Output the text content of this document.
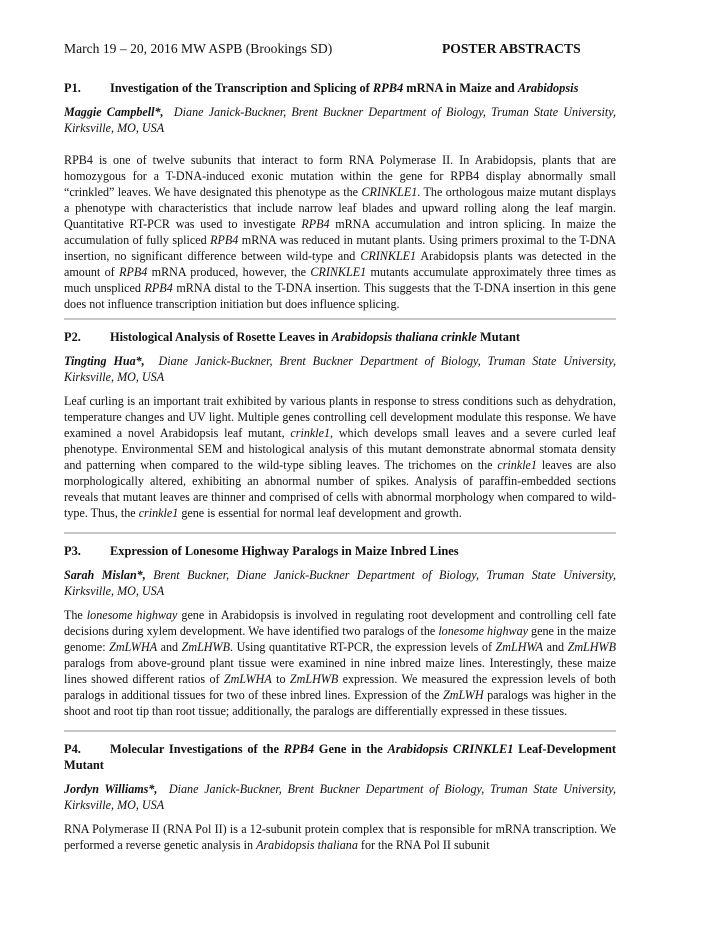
March 19 – 20, 2016 MW ASPB (Brookings SD)	POSTER ABSTRACTS

P1. Investigation of the Transcription and Splicing of RPB4 mRNA in Maize and Arabidopsis

Maggie Campbell*, Diane Janick-Buckner, Brent Buckner Department of Biology, Truman State University, Kirksville, MO, USA

RPB4 is one of twelve subunits that interact to form RNA Polymerase II. In Arabidopsis, plants that are homozygous for a T-DNA-induced exonic mutation within the gene for RPB4 display abnormally small “crinkled” leaves. We have designated this phenotype as the CRINKLE1. The orthologous maize mutant displays a phenotype with characteristics that include narrow leaf blades and upward rolling along the leaf margin. Quantitative RT-PCR was used to investigate RPB4 mRNA accumulation and intron splicing. In maize the accumulation of fully spliced RPB4 mRNA was reduced in mutant plants. Using primers proximal to the T-DNA insertion, no significant difference between wild-type and CRINKLE1 Arabidopsis plants was detected in the amount of RPB4 mRNA produced, however, the CRINKLE1 mutants accumulate approximately three times as much unspliced RPB4 mRNA distal to the T-DNA insertion. This suggests that the T-DNA insertion in this gene does not influence transcription initiation but does influence splicing.

P2. Histological Analysis of Rosette Leaves in Arabidopsis thaliana crinkle Mutant

Tingting Hua*, Diane Janick-Buckner, Brent Buckner Department of Biology, Truman State University, Kirksville, MO, USA

Leaf curling is an important trait exhibited by various plants in response to stress conditions such as dehydration, temperature changes and UV light. Multiple genes controlling cell development modulate this response. We have examined a novel Arabidopsis leaf mutant, crinkle1, which develops small leaves and a severe curled leaf phenotype. Environmental SEM and histological analysis of this mutant demonstrate abnormal stomata density and patterning when compared to the wild-type sibling leaves. The trichomes on the crinkle1 leaves are also morphologically altered, exhibiting an abnormal number of spikes. Analysis of paraffin-embedded sections reveals that mutant leaves are thinner and comprised of cells with abnormal morphology when compared to wild-type. Thus, the crinkle1 gene is essential for normal leaf development and growth.

P3. Expression of Lonesome Highway Paralogs in Maize Inbred Lines

Sarah Mislan*, Brent Buckner, Diane Janick-Buckner Department of Biology, Truman State University, Kirksville, MO, USA

The lonesome highway gene in Arabidopsis is involved in regulating root development and controlling cell fate decisions during xylem development. We have identified two paralogs of the lonesome highway gene in the maize genome: ZmLWHA and ZmLHWB. Using quantitative RT-PCR, the expression levels of ZmLHWA and ZmLHWB paralogs from above-ground plant tissue were examined in nine inbred maize lines. Interestingly, these maize lines showed different ratios of ZmLWHA to ZmLHWB expression. We measured the expression levels of both paralogs in additional tissues for two of these inbred lines. Expression of the ZmLWH paralogs was higher in the shoot and root tip than root tissue; additionally, the paralogs are differentially expressed in these tissues.

P4. Molecular Investigations of the RPB4 Gene in the Arabidopsis CRINKLE1 Leaf-Development Mutant

Jordyn Williams*, Diane Janick-Buckner, Brent Buckner Department of Biology, Truman State University, Kirksville, MO, USA

RNA Polymerase II (RNA Pol II) is a 12-subunit protein complex that is responsible for mRNA transcription. We performed a reverse genetic analysis in Arabidopsis thaliana for the RNA Pol II subunit
